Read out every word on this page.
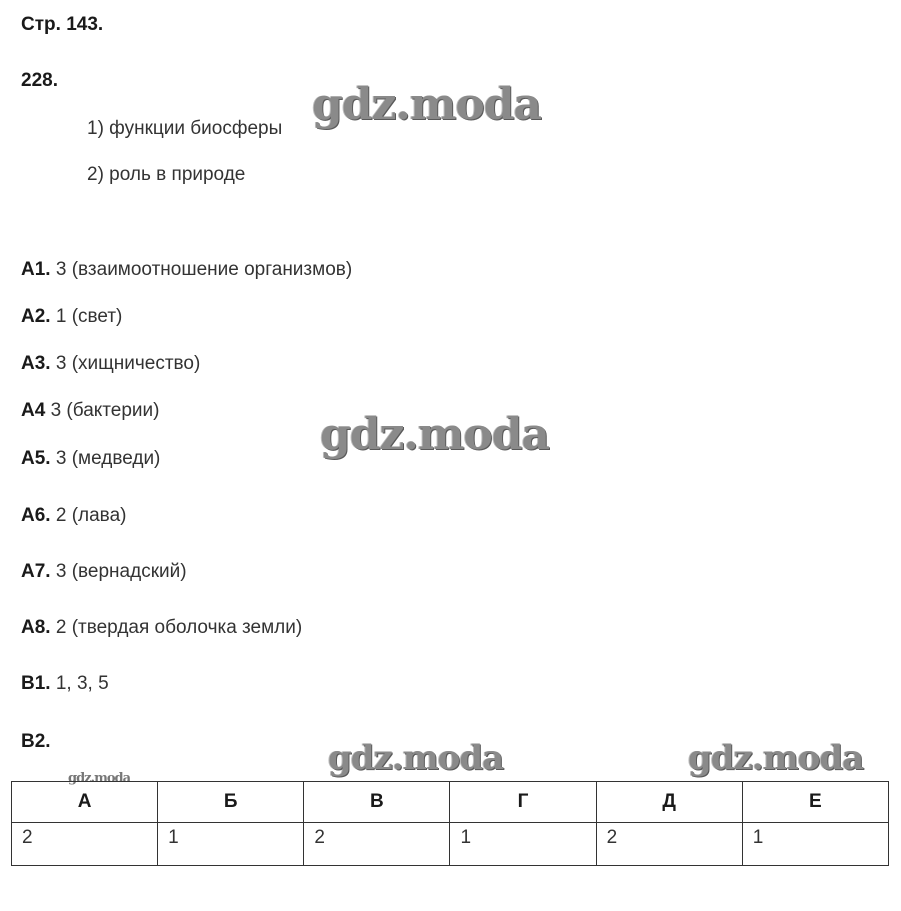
Стр. 143.
228.
1) функции биосферы
2) роль в природе
А1. 3 (взаимоотношение организмов)
А2. 1 (свет)
А3. 3 (хищничество)
А4 3 (бактерии)
А5. 3 (медведи)
А6. 2 (лава)
А7. 3 (вернадский)
А8. 2 (твердая оболочка земли)
В1. 1, 3, 5
В2.
gdz.moda
gdz.moda
gdz.moda	gdz.moda
gdz.moda
А	Б	В	Г	Д	Е
2	1	2	1	2	1
